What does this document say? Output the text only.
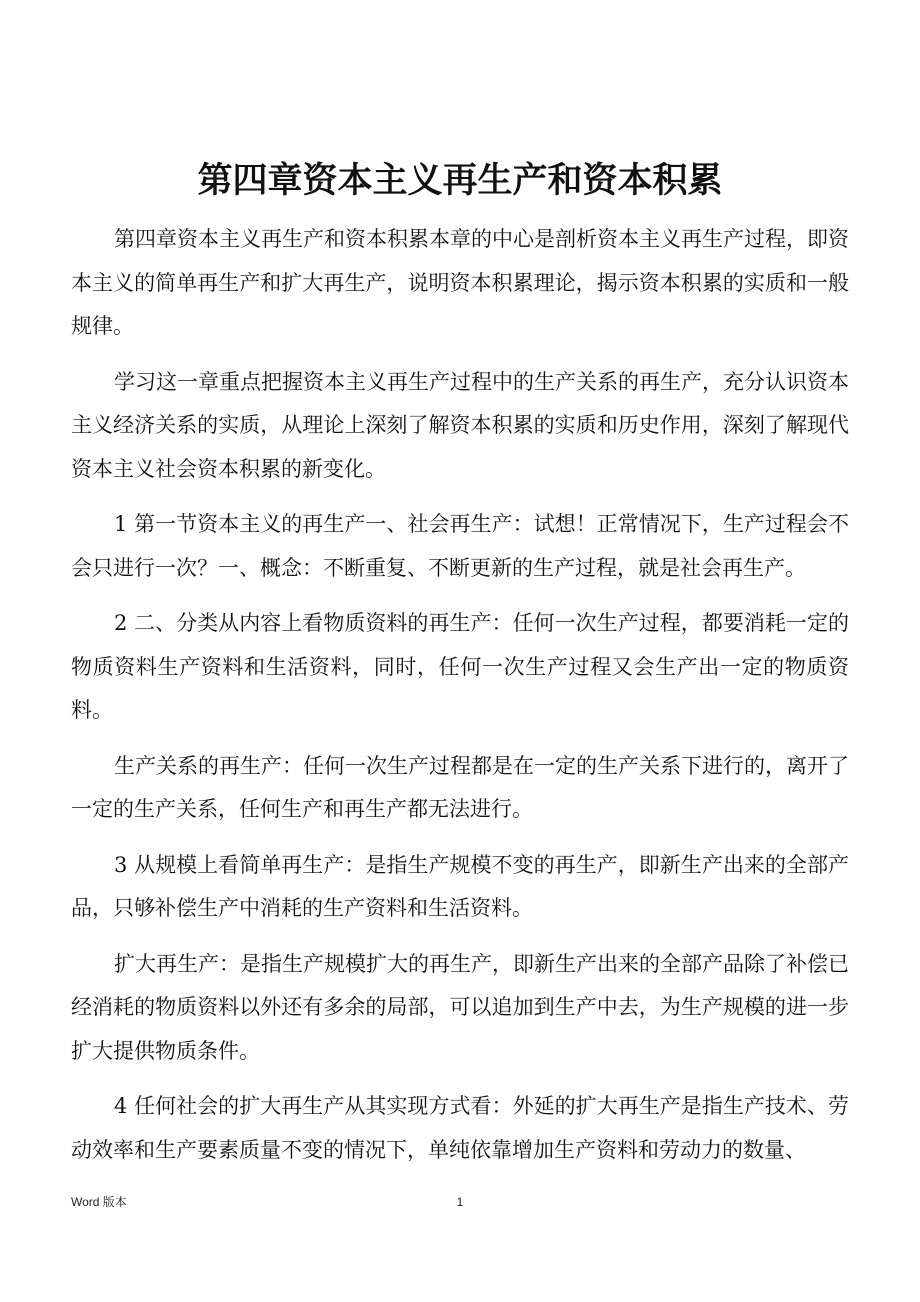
第四章资本主义再生产和资本积累

第四章资本主义再生产和资本积累本章的中心是剖析资本主义再生产过程，即资本主义的简单再生产和扩大再生产，说明资本积累理论，揭示资本积累的实质和一般规律。

学习这一章重点把握资本主义再生产过程中的生产关系的再生产，充分认识资本主义经济关系的实质，从理论上深刻了解资本积累的实质和历史作用，深刻了解现代资本主义社会资本积累的新变化。

1 第一节资本主义的再生产一、社会再生产：试想！正常情况下，生产过程会不会只进行一次？一、概念：不断重复、不断更新的生产过程，就是社会再生产。

2 二、分类从内容上看物质资料的再生产：任何一次生产过程，都要消耗一定的物质资料生产资料和生活资料，同时，任何一次生产过程又会生产出一定的物质资料。

生产关系的再生产：任何一次生产过程都是在一定的生产关系下进行的，离开了一定的生产关系，任何生产和再生产都无法进行。

3 从规模上看简单再生产：是指生产规模不变的再生产，即新生产出来的全部产品，只够补偿生产中消耗的生产资料和生活资料。

扩大再生产：是指生产规模扩大的再生产，即新生产出来的全部产品除了补偿已经消耗的物质资料以外还有多余的局部，可以追加到生产中去，为生产规模的进一步扩大提供物质条件。

4 任何社会的扩大再生产从其实现方式看：外延的扩大再生产是指生产技术、劳动效率和生产要素质量不变的情况下，单纯依靠增加生产资料和劳动力的数量、

Word 版本	1
